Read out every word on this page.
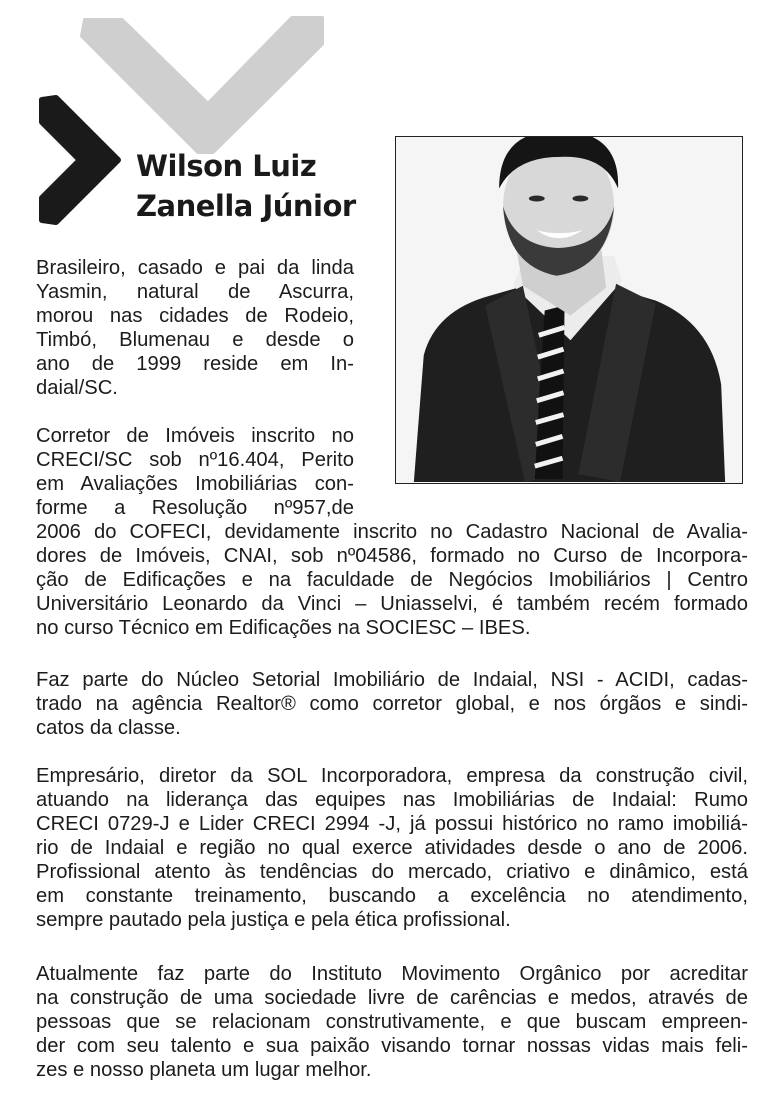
Wilson Luiz
Zanella Júnior
Brasileiro, casado e pai da linda
Yasmin, natural de Ascurra,
morou nas cidades de Rodeio,
Timbó, Blumenau e desde o
ano de 1999 reside em In-
daial/SC.
Corretor de Imóveis inscrito no
CRECI/SC sob nº16.404, Perito
em Avaliações Imobiliárias con-
forme a Resolução nº957,de
2006 do COFECI, devidamente inscrito no Cadastro Nacional de Avalia-
dores de Imóveis, CNAI, sob nº04586, formado no Curso de Incorpora-
ção de Edificações e na faculdade de Negócios Imobiliários | Centro
Universitário Leonardo da Vinci – Uniasselvi, é também recém formado
no curso Técnico em Edificações na SOCIESC – IBES.
Faz parte do Núcleo Setorial Imobiliário de Indaial, NSI - ACIDI, cadas-
trado na agência Realtor® como corretor global, e nos órgãos e sindi-
catos da classe.
Empresário, diretor da SOL Incorporadora, empresa da construção civil,
atuando na liderança das equipes nas Imobiliárias de Indaial: Rumo
CRECI 0729-J e Lider CRECI 2994 -J, já possui histórico no ramo imobiliá-
rio de Indaial e região no qual exerce atividades desde o ano de 2006.
Profissional atento às tendências do mercado, criativo e dinâmico, está
em constante treinamento, buscando a excelência no atendimento,
sempre pautado pela justiça e pela ética profissional.
Atualmente faz parte do Instituto Movimento Orgânico por acreditar
na construção de uma sociedade livre de carências e medos, através de
pessoas que se relacionam construtivamente, e que buscam empreen-
der com seu talento e sua paixão visando tornar nossas vidas mais feli-
zes e nosso planeta um lugar melhor.
